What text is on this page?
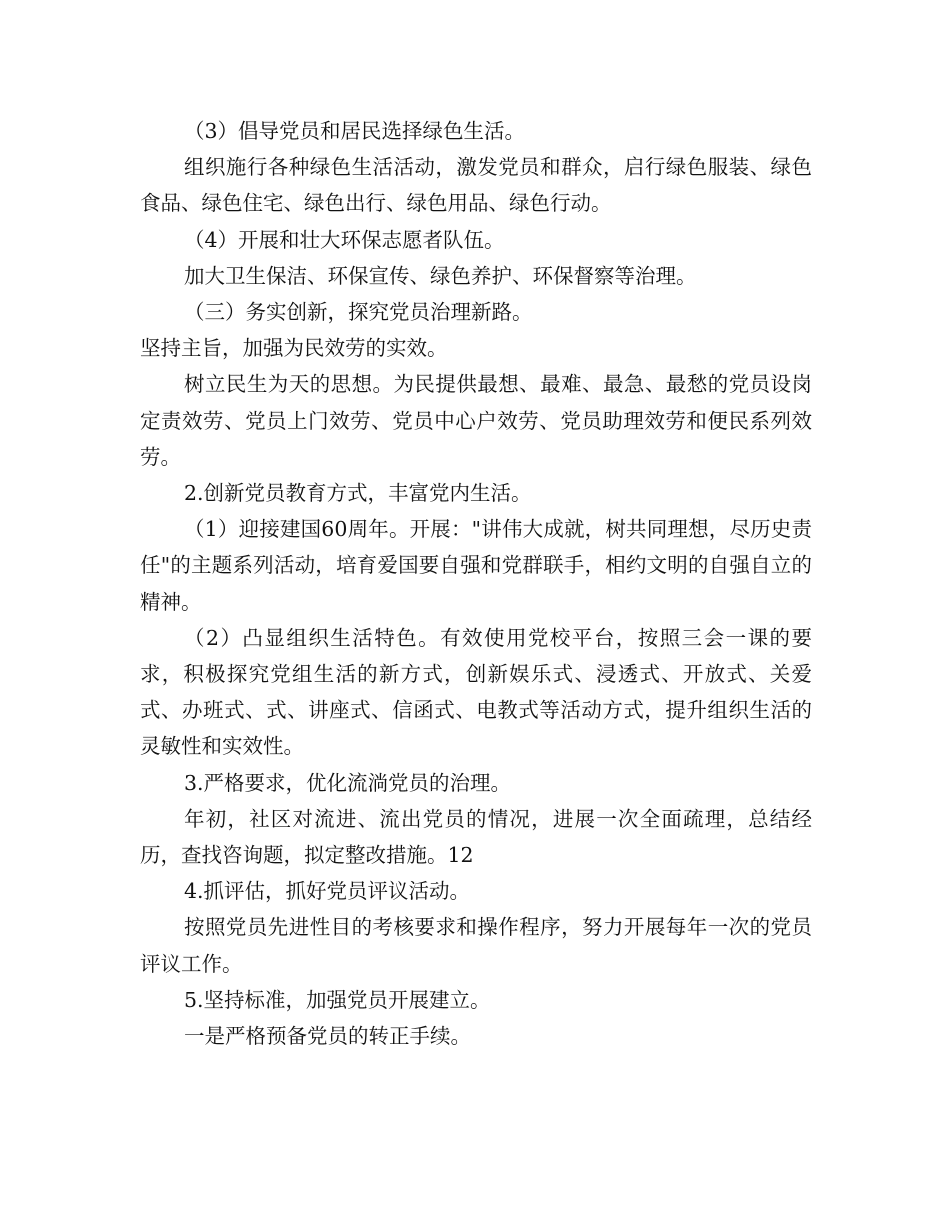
（3）倡导党员和居民选择绿色生活。

组织施行各种绿色生活活动，激发党员和群众，启行绿色服装、绿色食品、绿色住宅、绿色出行、绿色用品、绿色行动。

（4）开展和壮大环保志愿者队伍。

加大卫生保洁、环保宣传、绿色养护、环保督察等治理。

（三）务实创新，探究党员治理新路。

坚持主旨，加强为民效劳的实效。

树立民生为天的思想。为民提供最想、最难、最急、最愁的党员设岗定责效劳、党员上门效劳、党员中心户效劳、党员助理效劳和便民系列效劳。

2.创新党员教育方式，丰富党内生活。

（1）迎接建国60周年。开展："讲伟大成就，树共同理想，尽历史责任"的主题系列活动，培育爱国要自强和党群联手，相约文明的自强自立的精神。

（2）凸显组织生活特色。有效使用党校平台，按照三会一课的要求，积极探究党组生活的新方式，创新娱乐式、浸透式、开放式、关爱式、办班式、式、讲座式、信函式、电教式等活动方式，提升组织生活的灵敏性和实效性。

3.严格要求，优化流淌党员的治理。

年初，社区对流进、流出党员的情况，进展一次全面疏理，总结经历，查找咨询题，拟定整改措施。12

4.抓评估，抓好党员评议活动。

按照党员先进性目的考核要求和操作程序，努力开展每年一次的党员评议工作。

5.坚持标准，加强党员开展建立。

一是严格预备党员的转正手续。
